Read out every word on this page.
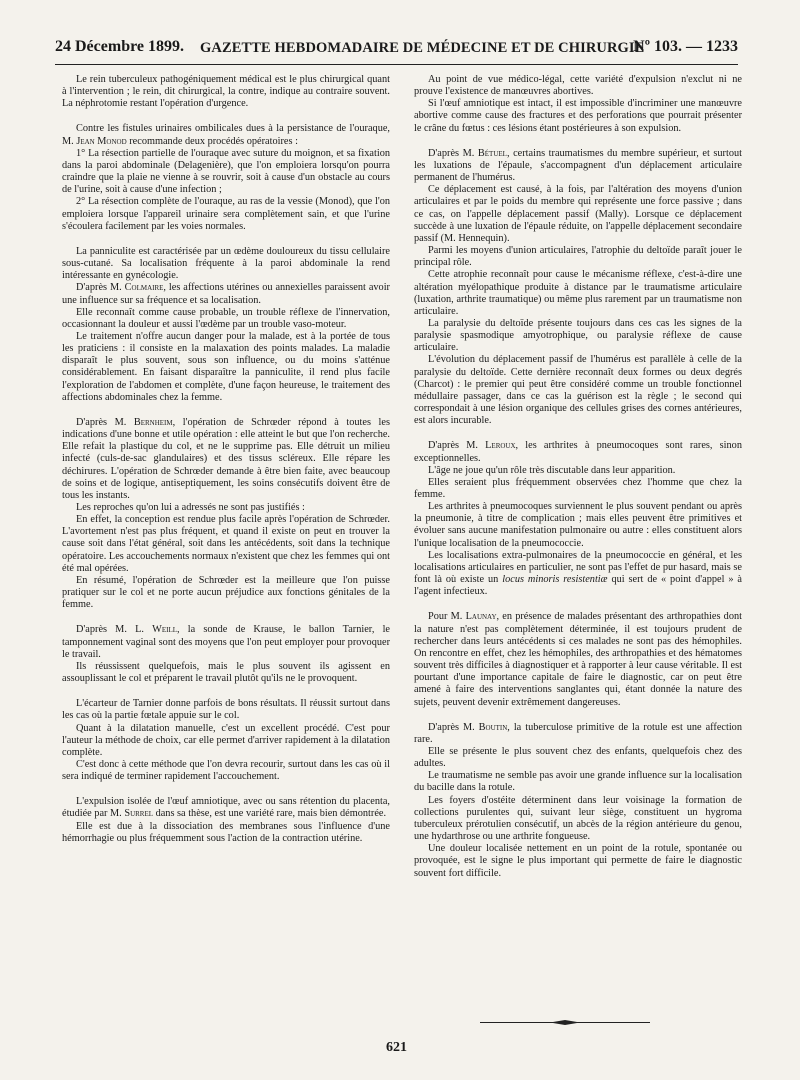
24 Décembre 1899. GAZETTE HEBDOMADAIRE DE MÉDECINE ET DE CHIRURGIE
Nº 103. — 1233

Le rein tuberculeux pathogéniquement médical est le plus chirurgical quant à l'intervention ; le rein, dit chirurgical, la contre, indique au contraire souvent. La néphrotomie restant l'opération d'urgence.

Contre les fistules urinaires ombilicales dues à la persistance de l'ouraque, M. Jean Monod recommande deux procédés opératoires :

1° La résection partielle de l'ouraque avec suture du moignon, et sa fixation dans la paroi abdominale (Delagenière), que l'on emploiera lorsqu'on pourra craindre que la plaie ne vienne à se rouvrir, soit à cause d'un obstacle au cours de l'urine, soit à cause d'une infection ;

2° La résection complète de l'ouraque, au ras de la vessie (Monod), que l'on emploiera lorsque l'appareil urinaire sera complètement sain, et que l'urine s'écoulera facilement par les voies normales.

La panniculite est caractérisée par un œdème douloureux du tissu cellulaire sous-cutané. Sa localisation fréquente à la paroi abdominale la rend intéressante en gynécologie.

D'après M. Colmaire, les affections utérines ou annexielles paraissent avoir une influence sur sa fréquence et sa localisation.

Elle reconnaît comme cause probable, un trouble réflexe de l'innervation, occasionnant la douleur et aussi l'œdème par un trouble vaso-moteur.

Le traitement n'offre aucun danger pour la malade, est à la portée de tous les praticiens : il consiste en la malaxation des points malades. La maladie disparaît le plus souvent, sous son influence, ou du moins s'atténue considérablement. En faisant disparaître la panniculite, il rend plus facile l'exploration de l'abdomen et complète, d'une façon heureuse, le traitement des affections abdominales chez la femme.

D'après M. Bernheim, l'opération de Schrœder répond à toutes les indications d'une bonne et utile opération : elle atteint le but que l'on recherche. Elle refait la plastique du col, et ne le supprime pas. Elle détruit un milieu infecté (culs-de-sac glandulaires) et des tissus scléreux. Elle répare les déchirures. L'opération de Schrœder demande à être bien faite, avec beaucoup de soins et de logique, antiseptiquement, les soins consécutifs doivent être de tous les instants.

Les reproches qu'on lui a adressés ne sont pas justifiés :

En effet, la conception est rendue plus facile après l'opération de Schrœder. L'avortement n'est pas plus fréquent, et quand il existe on peut en trouver la cause soit dans l'état général, soit dans les antécédents, soit dans la technique opératoire. Les accouchements normaux n'existent que chez les femmes qui ont été mal opérées.

En résumé, l'opération de Schrœder est la meilleure que l'on puisse pratiquer sur le col et ne porte aucun préjudice aux fonctions génitales de la femme.

D'après M. L. Weill, la sonde de Krause, le ballon Tarnier, le tamponnement vaginal sont des moyens que l'on peut employer pour provoquer le travail.

Ils réussissent quelquefois, mais le plus souvent ils agissent en assouplissant le col et préparent le travail plutôt qu'ils ne le provoquent.

L'écarteur de Tarnier donne parfois de bons résultats. Il réussit surtout dans les cas où la partie fœtale appuie sur le col.

Quant à la dilatation manuelle, c'est un excellent procédé. C'est pour l'auteur la méthode de choix, car elle permet d'arriver rapidement à la dilatation complète.

C'est donc à cette méthode que l'on devra recourir, surtout dans les cas où il sera indiqué de terminer rapidement l'accouchement.

L'expulsion isolée de l'œuf amniotique, avec ou sans rétention du placenta, étudiée par M. Surrel dans sa thèse, est une variété rare, mais bien démontrée.

Elle est due à la dissociation des membranes sous l'influence d'une hémorrhagie ou plus fréquemment sous l'action de la contraction utérine.

Au point de vue médico-légal, cette variété d'expulsion n'exclut ni ne prouve l'existence de manœuvres abortives.

Si l'œuf amniotique est intact, il est impossible d'incriminer une manœuvre abortive comme cause des fractures et des perforations que pourrait présenter le crâne du fœtus : ces lésions étant postérieures à son expulsion.

D'après M. Bétuel, certains traumatismes du membre supérieur, et surtout les luxations de l'épaule, s'accompagnent d'un déplacement articulaire permanent de l'humérus.

Ce déplacement est causé, à la fois, par l'altération des moyens d'union articulaires et par le poids du membre qui représente une force passive ; dans ce cas, on l'appelle déplacement passif (Mally). Lorsque ce déplacement succède à une luxation de l'épaule réduite, on l'appelle déplacement secondaire passif (M. Hennequin).

Parmi les moyens d'union articulaires, l'atrophie du deltoïde paraît jouer le principal rôle.

Cette atrophie reconnaît pour cause le mécanisme réflexe, c'est-à-dire une altération myélopathique produite à distance par le traumatisme articulaire (luxation, arthrite traumatique) ou même plus rarement par un traumatisme non articulaire.

La paralysie du deltoïde présente toujours dans ces cas les signes de la paralysie spasmodique amyotrophique, ou paralysie réflexe de cause articulaire.

L'évolution du déplacement passif de l'humérus est parallèle à celle de la paralysie du deltoïde. Cette dernière reconnaît deux formes ou deux degrés (Charcot) : le premier qui peut être considéré comme un trouble fonctionnel médullaire passager, dans ce cas la guérison est la règle ; le second qui correspondait à une lésion organique des cellules grises des cornes antérieures, est alors incurable.

D'après M. Leroux, les arthrites à pneumocoques sont rares, sinon exceptionnelles.

L'âge ne joue qu'un rôle très discutable dans leur apparition.

Elles seraient plus fréquemment observées chez l'homme que chez la femme.

Les arthrites à pneumocoques surviennent le plus souvent pendant ou après la pneumonie, à titre de complication ; mais elles peuvent être primitives et évoluer sans aucune manifestation pulmonaire ou autre : elles constituent alors l'unique localisation de la pneumococcie.

Les localisations extra-pulmonaires de la pneumococcie en général, et les localisations articulaires en particulier, ne sont pas l'effet de pur hasard, mais se font là où existe un locus minoris resistentiæ qui sert de « point d'appel » à l'agent infectieux.

Pour M. Launay, en présence de malades présentant des arthropathies dont la nature n'est pas complètement déterminée, il est toujours prudent de rechercher dans leurs antécédents si ces malades ne sont pas des hémophiles. On rencontre en effet, chez les hémophiles, des arthropathies et des hématomes souvent très difficiles à diagnostiquer et à rapporter à leur cause véritable. Il est pourtant d'une importance capitale de faire le diagnostic, car on peut être amené à faire des interventions sanglantes qui, étant donnée la nature des sujets, peuvent devenir extrêmement dangereuses.

D'après M. Boutin, la tuberculose primitive de la rotule est une affection rare.

Elle se présente le plus souvent chez des enfants, quelquefois chez des adultes.

Le traumatisme ne semble pas avoir une grande influence sur la localisation du bacille dans la rotule.

Les foyers d'ostéite déterminent dans leur voisinage la formation de collections purulentes qui, suivant leur siège, constituent un hygroma tuberculeux prérotulien consécutif, un abcès de la région antérieure du genou, une hydarthrose ou une arthrite fongueuse.

Une douleur localisée nettement en un point de la rotule, spontanée ou provoquée, est le signe le plus important qui permette de faire le diagnostic souvent fort difficile.

621
